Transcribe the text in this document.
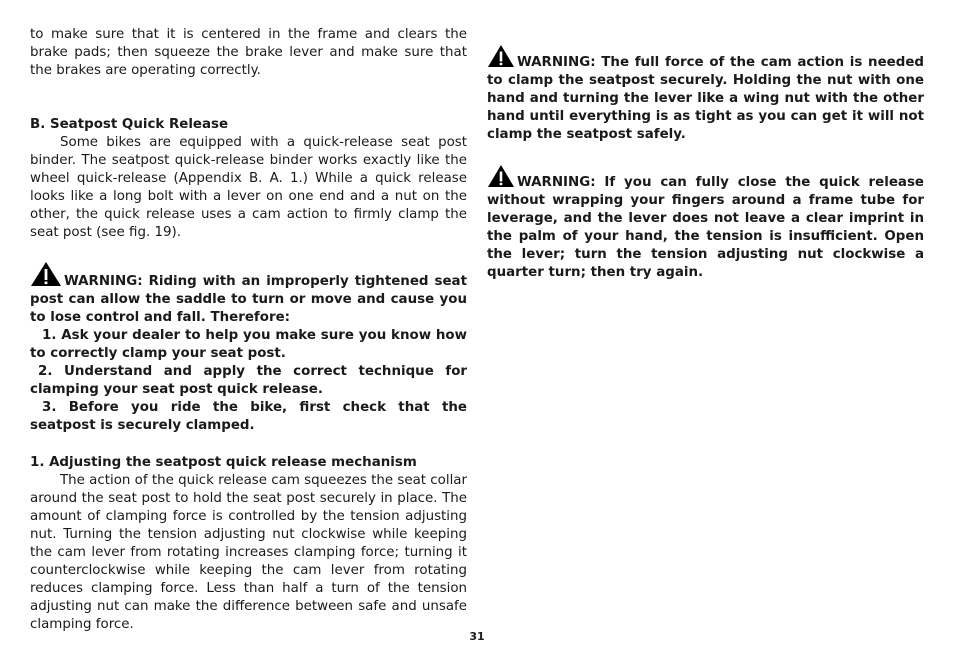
to make sure that it is centered in the frame and clears the brake pads; then squeeze the brake lever and make sure that the brakes are operating correctly.

B. Seatpost Quick Release

Some bikes are equipped with a quick-release seat post binder. The seatpost quick-release binder works exactly like the wheel quick-release (Appendix B. A. 1.) While a quick release looks like a long bolt with a lever on one end and a nut on the other, the quick release uses a cam action to firmly clamp the seat post (see fig. 19).

WARNING: Riding with an improperly tightened seat post can allow the saddle to turn or move and cause you to lose control and fall. Therefore:

1. Ask your dealer to help you make sure you know how to correctly clamp your seat post.

2. Understand and apply the correct technique for clamping your seat post quick release.

3. Before you ride the bike, first check that the seatpost is securely clamped.

1. Adjusting the seatpost quick release mechanism

The action of the quick release cam squeezes the seat collar around the seat post to hold the seat post securely in place. The amount of clamping force is controlled by the tension adjusting nut. Turning the tension adjusting nut clockwise while keeping the cam lever from rotating increases clamping force; turning it counterclockwise while keeping the cam lever from rotating reduces clamping force. Less than half a turn of the tension adjusting nut can make the difference between safe and unsafe clamping force.

WARNING: The full force of the cam action is needed to clamp the seatpost securely. Holding the nut with one hand and turning the lever like a wing nut with the other hand until everything is as tight as you can get it will not clamp the seatpost safely.

WARNING: If you can fully close the quick release without wrapping your fingers around a frame tube for leverage, and the lever does not leave a clear imprint in the palm of your hand, the tension is insufficient. Open the lever; turn the tension adjusting nut clockwise a quarter turn; then try again.

31
